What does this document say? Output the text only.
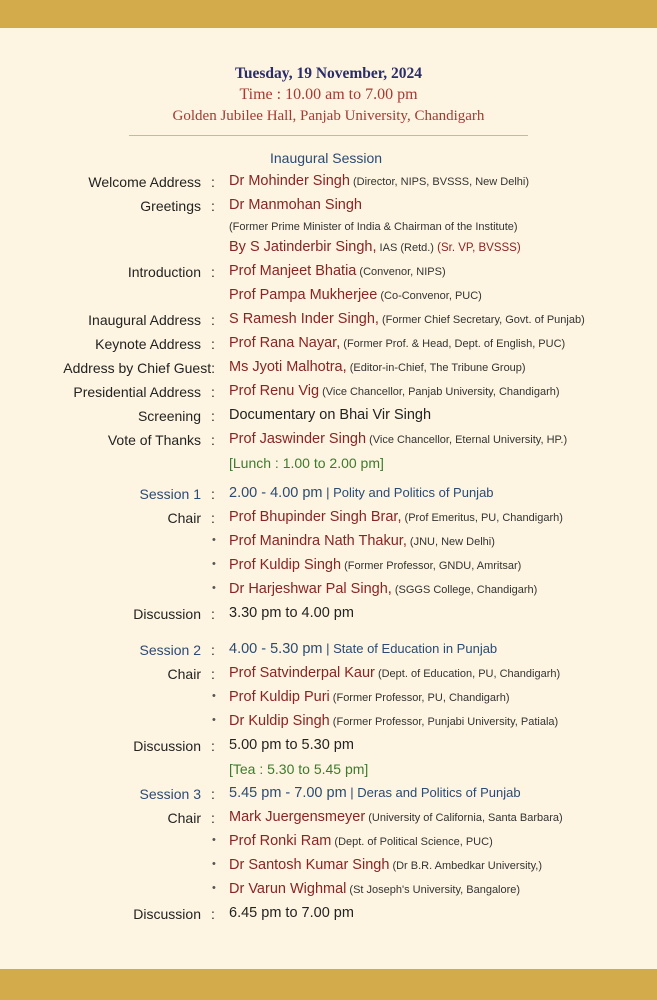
Tuesday, 19 November, 2024
Time : 10.00 am to 7.00 pm
Golden Jubilee Hall, Panjab University, Chandigarh
Inaugural Session
Welcome Address : Dr Mohinder Singh (Director, NIPS, BVSSS, New Delhi)
Greetings : Dr Manmohan Singh
(Former Prime Minister of India & Chairman of the Institute)
By S Jatinderbir Singh, IAS (Retd.) (Sr. VP, BVSSS)
Introduction : Prof Manjeet Bhatia (Convenor, NIPS)
Prof Pampa Mukherjee (Co-Convenor, PUC)
Inaugural Address : S Ramesh Inder Singh, (Former Chief Secretary, Govt. of Punjab)
Keynote Address : Prof Rana Nayar, (Former Prof. & Head, Dept. of English, PUC)
Address by Chief Guest: Ms Jyoti Malhotra, (Editor-in-Chief, The Tribune Group)
Presidential Address : Prof Renu Vig (Vice Chancellor, Panjab University, Chandigarh)
Screening : Documentary on Bhai Vir Singh
Vote of Thanks : Prof Jaswinder Singh (Vice Chancellor, Eternal University, HP.)
[Lunch : 1.00 to 2.00 pm]
Session 1 : 2.00 - 4.00 pm | Polity and Politics of Punjab
Chair : Prof Bhupinder Singh Brar, (Prof Emeritus, PU, Chandigarh)
• Prof Manindra Nath Thakur, (JNU, New Delhi)
• Prof Kuldip Singh (Former Professor, GNDU, Amritsar)
• Dr Harjeshwar Pal Singh, (SGGS College, Chandigarh)
Discussion : 3.30 pm to 4.00 pm
Session 2 : 4.00 - 5.30 pm | State of Education in Punjab
Chair : Prof Satvinderpal Kaur (Dept. of Education, PU, Chandigarh)
• Prof Kuldip Puri (Former Professor, PU, Chandigarh)
• Dr Kuldip Singh (Former Professor, Punjabi University, Patiala)
Discussion : 5.00 pm to 5.30 pm
[Tea : 5.30 to 5.45 pm]
Session 3 : 5.45 pm - 7.00 pm | Deras and Politics of Punjab
Chair : Mark Juergensmeyer (University of California, Santa Barbara)
• Prof Ronki Ram (Dept. of Political Science, PUC)
• Dr Santosh Kumar Singh (Dr B.R. Ambedkar University,)
• Dr Varun Wighmal (St Joseph's University, Bangalore)
Discussion : 6.45 pm to 7.00 pm
